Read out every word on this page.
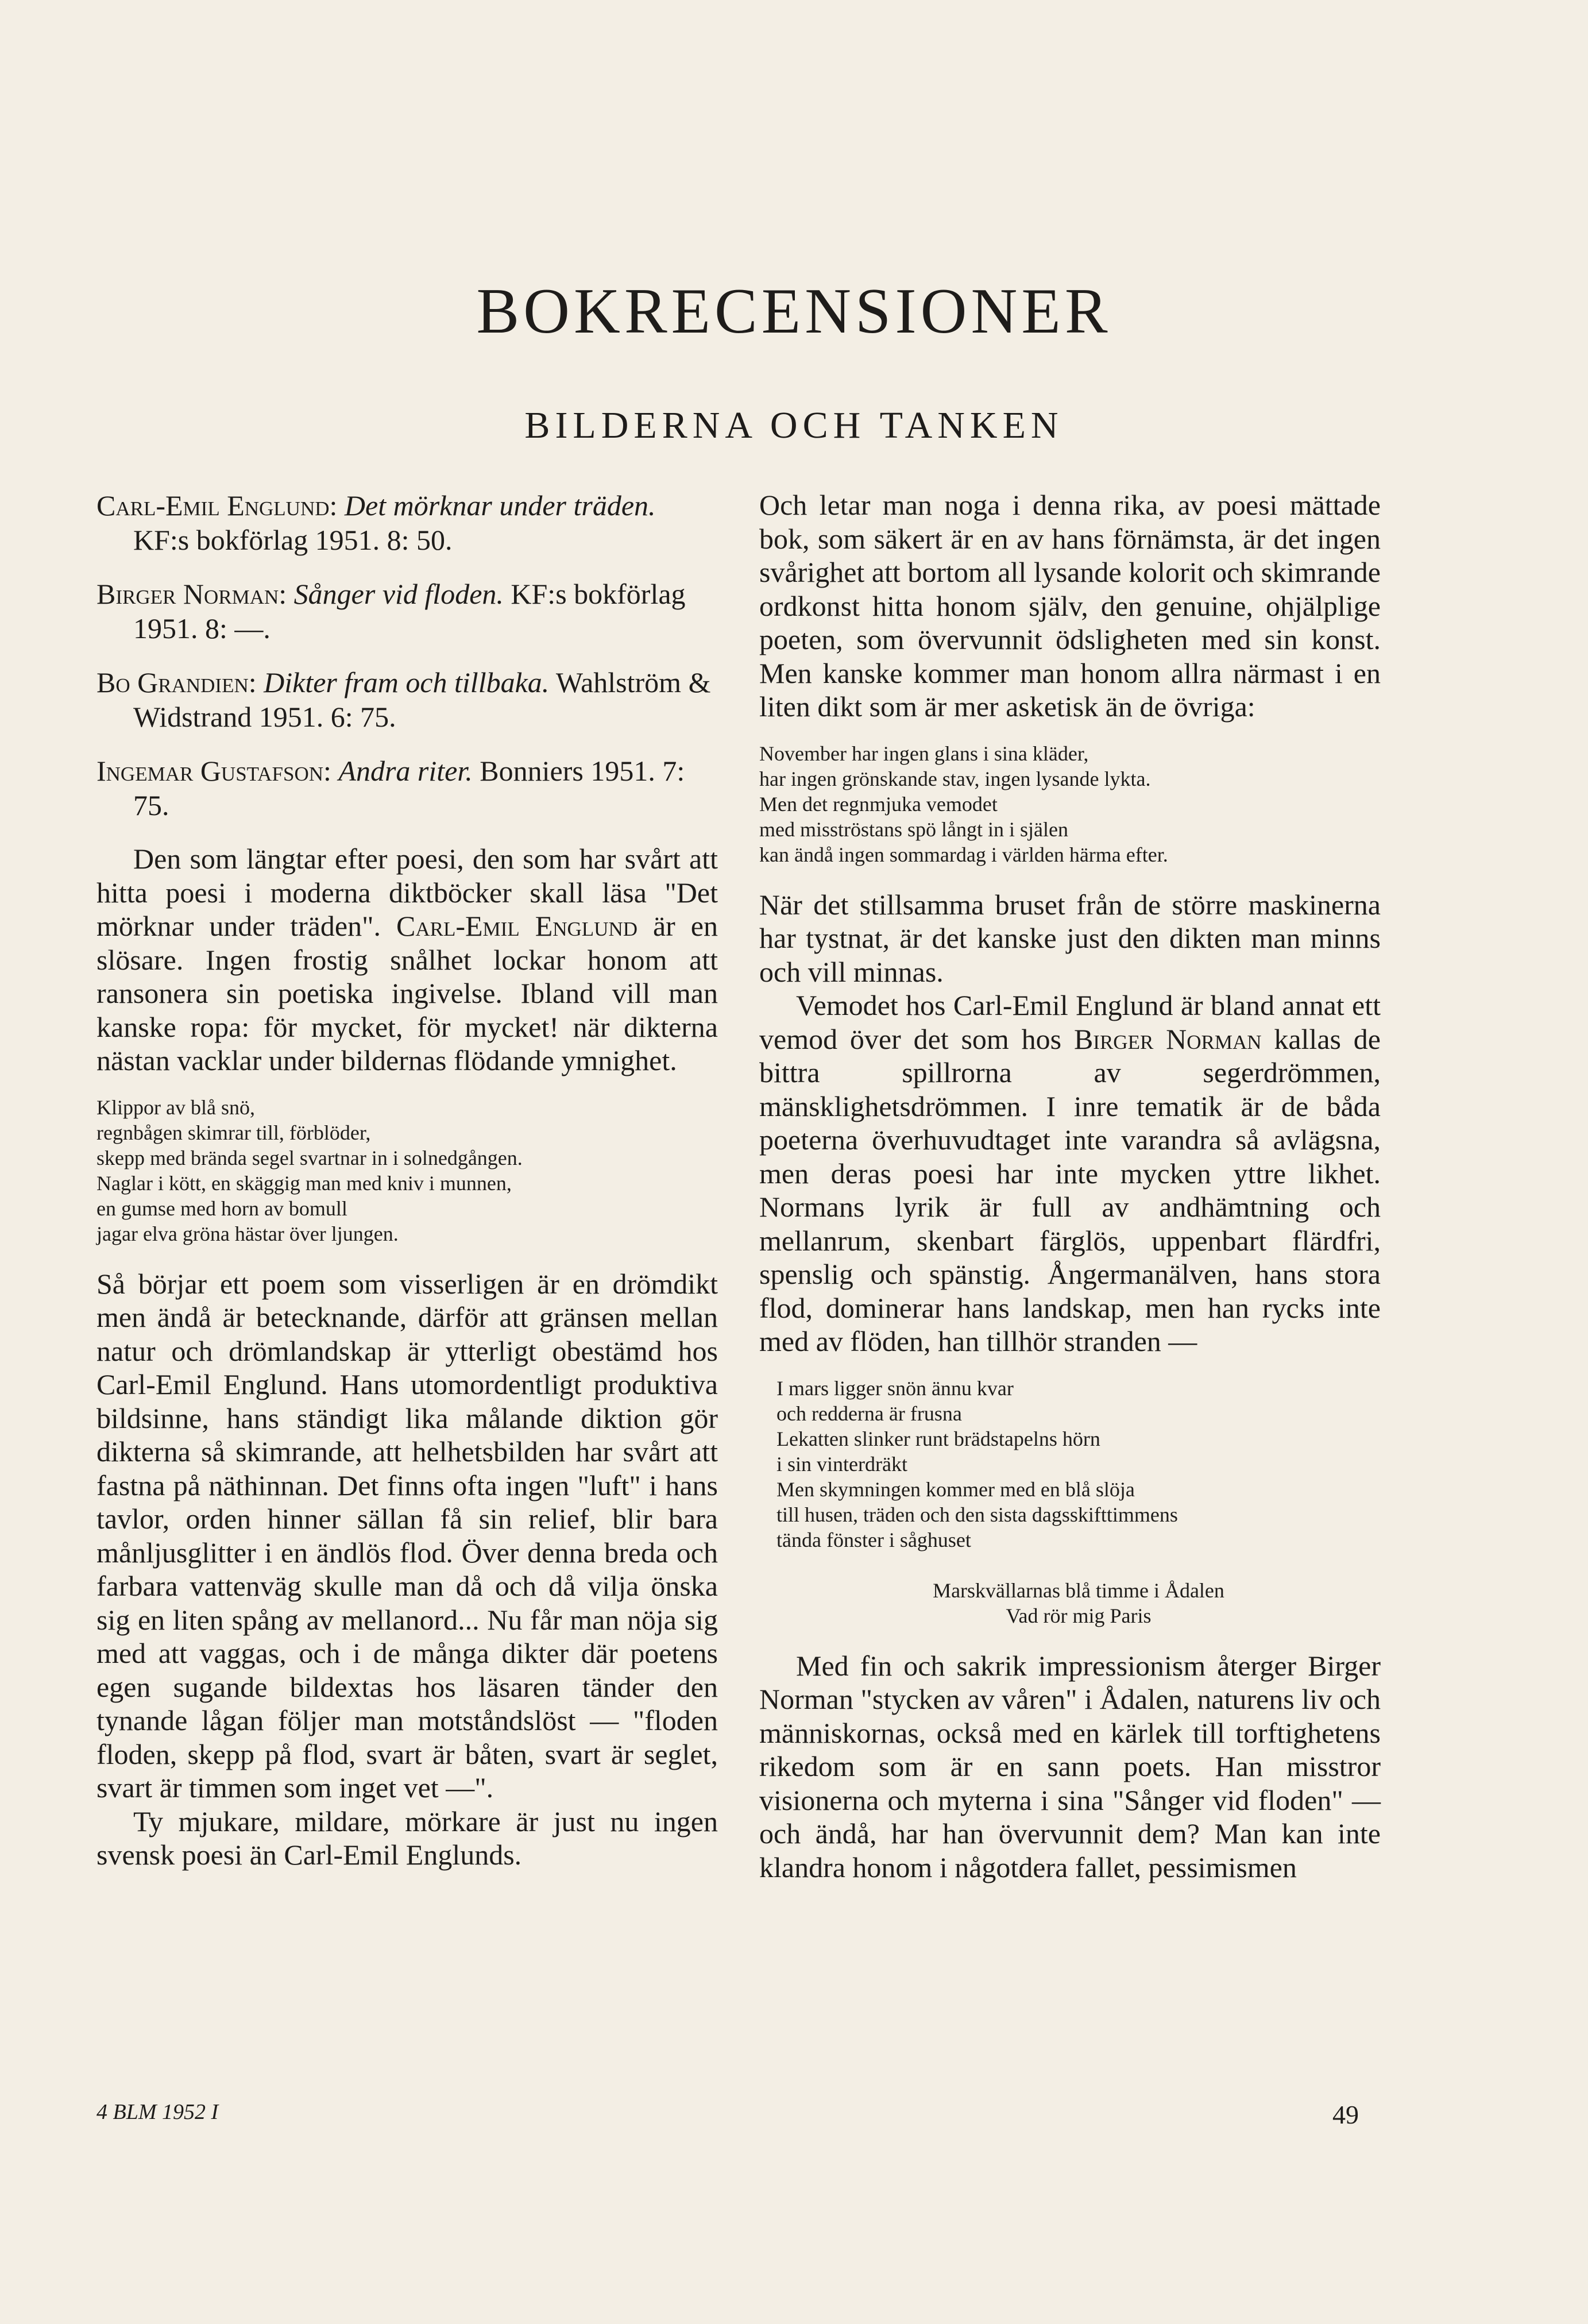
BOKRECENSIONER
BILDERNA OCH TANKEN

Carl-Emil Englund: Det mörknar under träden. KF:s bokförlag 1951. 8: 50.

Birger Norman: Sånger vid floden. KF:s bokförlag 1951. 8: —.

Bo Grandien: Dikter fram och tillbaka. Wahlström & Widstrand 1951. 6: 75.

Ingemar Gustafson: Andra riter. Bonniers 1951. 7: 75.

Den som längtar efter poesi, den som har svårt att hitta poesi i moderna diktböcker skall läsa "Det mörknar under träden". Carl-Emil Englund är en slösare. Ingen frostig snålhet lockar honom att ransonera sin poetiska ingivelse. Ibland vill man kanske ropa: för mycket, för mycket! när dikterna nästan vacklar under bildernas flödande ymnighet.

Klippor av blå snö,

regnbågen skimrar till, förblöder,

skepp med brända segel svartnar in i solnedgången.

Naglar i kött, en skäggig man med kniv i munnen,

en gumse med horn av bomull

jagar elva gröna hästar över ljungen.

Så börjar ett poem som visserligen är en drömdikt men ändå är betecknande, därför att gränsen mellan natur och drömlandskap är ytterligt obestämd hos Carl-Emil Englund. Hans utomordentligt produktiva bildsinne, hans ständigt lika målande diktion gör dikterna så skimrande, att helhetsbilden har svårt att fastna på näthinnan. Det finns ofta ingen "luft" i hans tavlor, orden hinner sällan få sin relief, blir bara månljusglitter i en ändlös flod. Över denna breda och farbara vattenväg skulle man då och då vilja önska sig en liten spång av mellanord... Nu får man nöja sig med att vaggas, och i de många dikter där poetens egen sugande bildextas hos läsaren tänder den tynande lågan följer man motståndslöst — "floden floden, skepp på flod, svart är båten, svart är seglet, svart är timmen som inget vet —".

Ty mjukare, mildare, mörkare är just nu ingen svensk poesi än Carl-Emil Englunds.

Och letar man noga i denna rika, av poesi mättade bok, som säkert är en av hans förnämsta, är det ingen svårighet att bortom all lysande kolorit och skimrande ordkonst hitta honom själv, den genuine, ohjälplige poeten, som övervunnit ödsligheten med sin konst. Men kanske kommer man honom allra närmast i en liten dikt som är mer asketisk än de övriga:

November har ingen glans i sina kläder,

har ingen grönskande stav, ingen lysande lykta.

Men det regnmjuka vemodet

med misströstans spö långt in i själen

kan ändå ingen sommardag i världen härma efter.

När det stillsamma bruset från de större maskinerna har tystnat, är det kanske just den dikten man minns och vill minnas.

Vemodet hos Carl-Emil Englund är bland annat ett vemod över det som hos Birger Norman kallas de bittra spillrorna av segerdrömmen, mänsklighetsdrömmen. I inre tematik är de båda poeterna överhuvudtaget inte varandra så avlägsna, men deras poesi har inte mycken yttre likhet. Normans lyrik är full av andhämtning och mellanrum, skenbart färglös, uppenbart flärdfri, spenslig och spänstig. Ångermanälven, hans stora flod, dominerar hans landskap, men han rycks inte med av flöden, han tillhör stranden —

I mars ligger snön ännu kvar

och redderna är frusna

Lekatten slinker runt brädstapelns hörn

i sin vinterdräkt

Men skymningen kommer med en blå slöja

till husen, träden och den sista dagsskifttimmens

tända fönster i såghuset

Marskvällarnas blå timme i Ådalen

Vad rör mig Paris

Med fin och sakrik impressionism återger Birger Norman "stycken av våren" i Ådalen, naturens liv och människornas, också med en kärlek till torftighetens rikedom som är en sann poets. Han misstror visionerna och myterna i sina "Sånger vid floden" — och ändå, har han övervunnit dem? Man kan inte klandra honom i någotdera fallet, pessimismen

4 BLM 1952 I	49
